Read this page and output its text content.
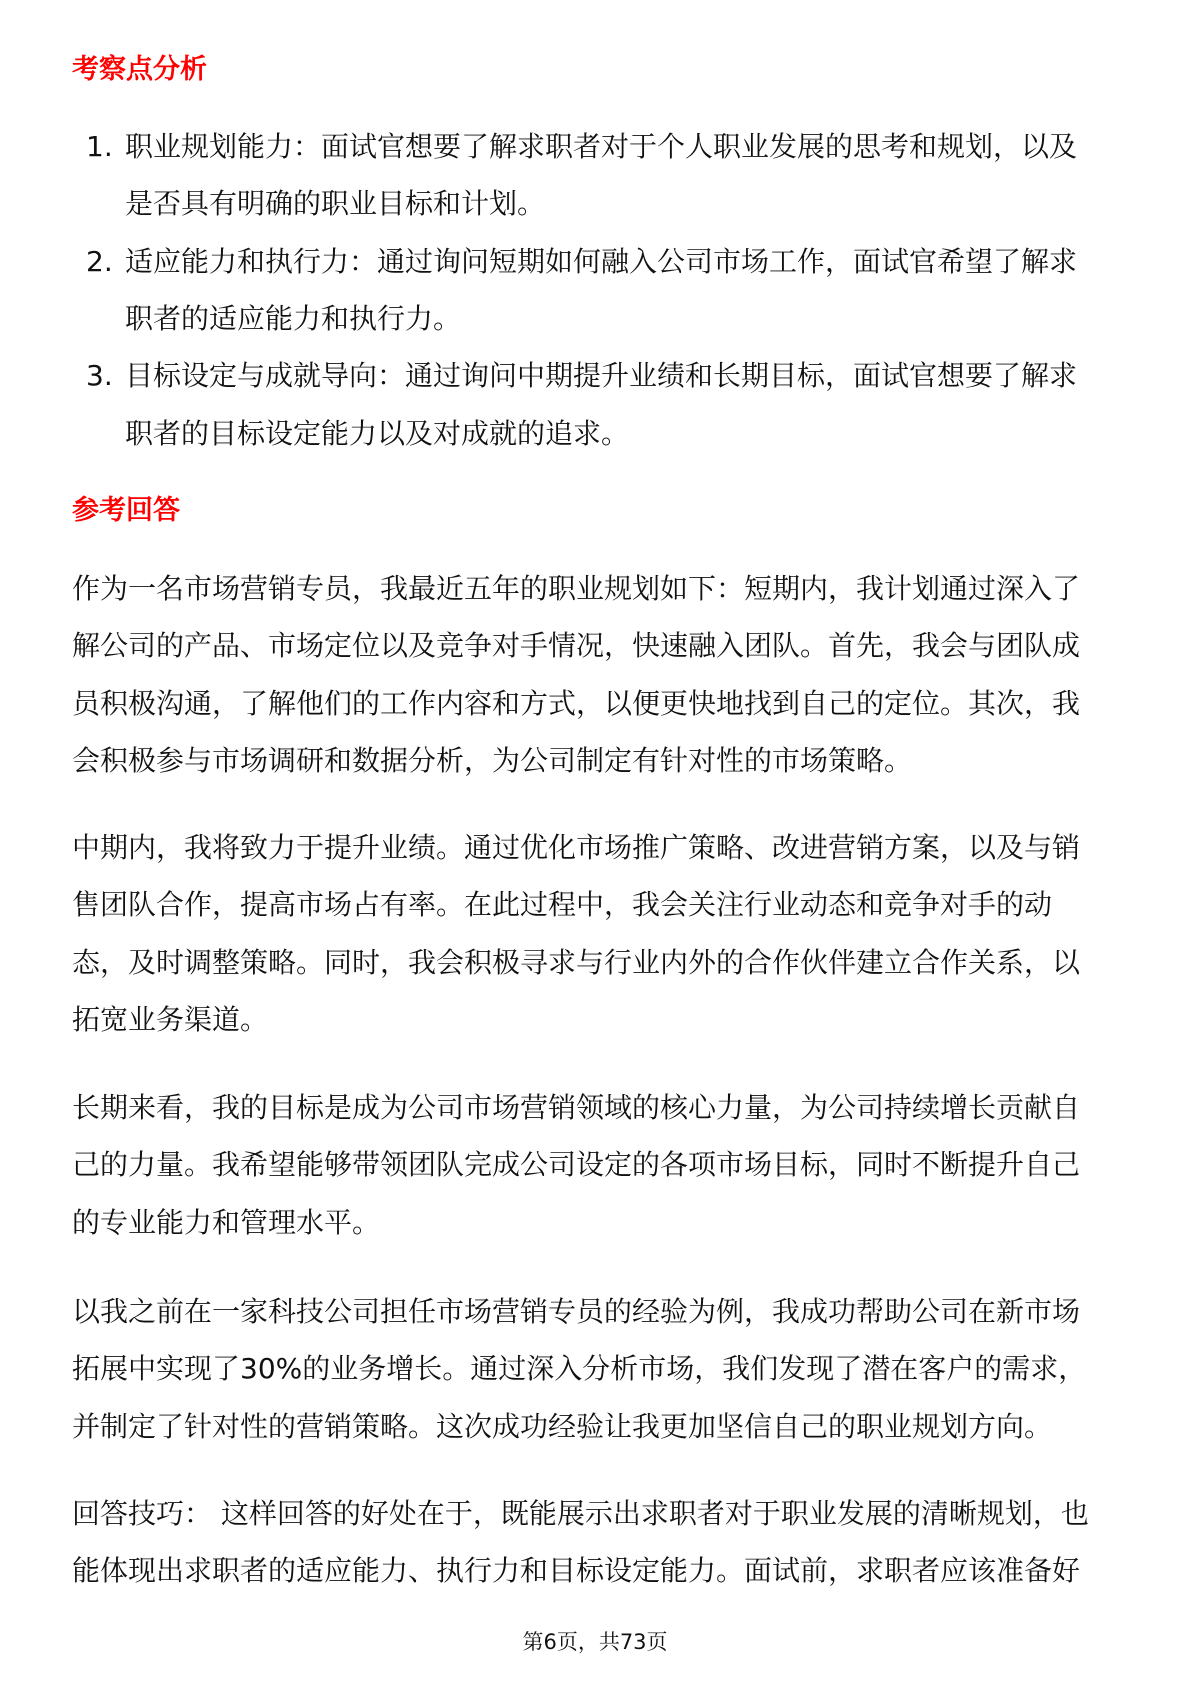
考察点分析
1. 职业规划能力：面试官想要了解求职者对于个人职业发展的思考和规划，以及
是否具有明确的职业目标和计划。
2. 适应能力和执行力：通过询问短期如何融入公司市场工作，面试官希望了解求
职者的适应能力和执行力。
3. 目标设定与成就导向：通过询问中期提升业绩和长期目标，面试官想要了解求
职者的目标设定能力以及对成就的追求。
参考回答
作为一名市场营销专员，我最近五年的职业规划如下：短期内，我计划通过深入了
解公司的产品、市场定位以及竞争对手情况，快速融入团队。首先，我会与团队成
员积极沟通，了解他们的工作内容和方式，以便更快地找到自己的定位。其次，我
会积极参与市场调研和数据分析，为公司制定有针对性的市场策略。
中期内，我将致力于提升业绩。通过优化市场推广策略、改进营销方案，以及与销
售团队合作，提高市场占有率。在此过程中，我会关注行业动态和竞争对手的动
态，及时调整策略。同时，我会积极寻求与行业内外的合作伙伴建立合作关系，以
拓宽业务渠道。
长期来看，我的目标是成为公司市场营销领域的核心力量，为公司持续增长贡献自
己的力量。我希望能够带领团队完成公司设定的各项市场目标，同时不断提升自己
的专业能力和管理水平。
以我之前在一家科技公司担任市场营销专员的经验为例，我成功帮助公司在新市场
拓展中实现了30%的业务增长。通过深入分析市场，我们发现了潜在客户的需求，
并制定了针对性的营销策略。这次成功经验让我更加坚信自己的职业规划方向。
回答技巧： 这样回答的好处在于，既能展示出求职者对于职业发展的清晰规划，也
能体现出求职者的适应能力、执行力和目标设定能力。面试前，求职者应该准备好
第6页，共73页
